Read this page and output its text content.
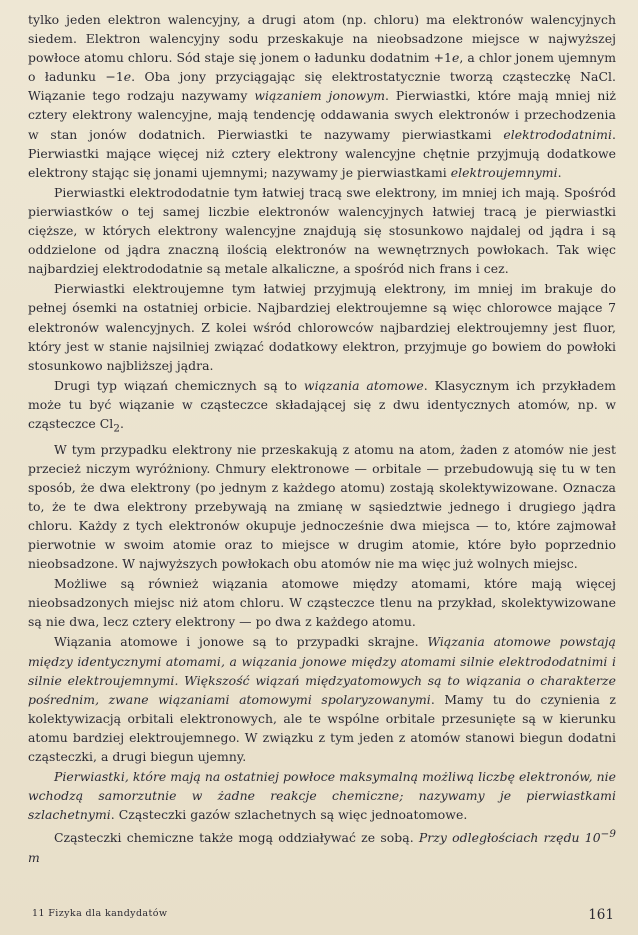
tylko jeden elektron walencyjny, a drugi atom (np. chloru) ma elektronów walencyjnych siedem. Elektron walencyjny sodu przeskakuje na nieobsadzone miejsce w najwyższej powłoce atomu chloru. Sód staje się jonem o ładunku dodatnim +1e, a chlor jonem ujemnym o ładunku −1e. Oba jony przyciągając się elektrostatycznie tworzą cząsteczkę NaCl. Wiązanie tego rodzaju nazywamy wiązaniem jonowym. Pierwiastki, które mają mniej niż cztery elektrony walencyjne, mają tendencję oddawania swych elektronów i przechodzenia w stan jonów dodatnich. Pierwiastki te nazywamy pierwiastkami elektrododatnimi. Pierwiastki mające więcej niż cztery elektrony walencyjne chętnie przyjmują dodatkowe elektrony stając się jonami ujemnymi; nazywamy je pierwiastkami elektroujemnymi.

Pierwiastki elektrododatnie tym łatwiej tracą swe elektrony, im mniej ich mają. Spośród pierwiastków o tej samej liczbie elektronów walencyjnych łatwiej tracą je pierwiastki cięższe, w których elektrony walencyjne znajdują się stosunkowo najdalej od jądra i są oddzielone od jądra znaczną ilością elektronów na wewnętrznych powłokach. Tak więc najbardziej elektrododatnie są metale alkaliczne, a spośród nich frans i cez.

Pierwiastki elektroujemne tym łatwiej przyjmują elektrony, im mniej im brakuje do pełnej ósemki na ostatniej orbicie. Najbardziej elektroujemne są więc chlorowce mające 7 elektronów walencyjnych. Z kolei wśród chlorowców najbardziej elektroujemny jest fluor, który jest w stanie najsilniej związać dodatkowy elektron, przyjmuje go bowiem do powłoki stosunkowo najbliższej jądra.

Drugi typ wiązań chemicznych są to wiązania atomowe. Klasycznym ich przykładem może tu być wiązanie w cząsteczce składającej się z dwu identycznych atomów, np. w cząsteczce $Cl_2$.

W tym przypadku elektrony nie przeskakują z atomu na atom, żaden z atomów nie jest przecież niczym wyróżniony. Chmury elektronowe — orbitale — przebudowują się tu w ten sposób, że dwa elektrony (po jednym z każdego atomu) zostają skolektywizowane. Oznacza to, że te dwa elektrony przebywają na zmianę w sąsiedztwie jednego i drugiego jądra chloru. Każdy z tych elektronów okupuje jednocześnie dwa miejsca — to, które zajmował pierwotnie w swoim atomie oraz to miejsce w drugim atomie, które było poprzednio nieobsadzone. W najwyższych powłokach obu atomów nie ma więc już wolnych miejsc.

Możliwe są również wiązania atomowe między atomami, które mają więcej nieobsadzonych miejsc niż atom chloru. W cząsteczce tlenu na przykład, skolektywizowane są nie dwa, lecz cztery elektrony — po dwa z każdego atomu.

Wiązania atomowe i jonowe są to przypadki skrajne. Wiązania atomowe powstają między identycznymi atomami, a wiązania jonowe między atomami silnie elektrododatnimi i silnie elektroujemnymi. Większość wiązań międzyatomowych są to wiązania o charakterze pośrednim, zwane wiązaniami atomowymi spolaryzowanymi. Mamy tu do czynienia z kolektywizacją orbitali elektronowych, ale te wspólne orbitale przesunięte są w kierunku atomu bardziej elektroujemnego. W związku z tym jeden z atomów stanowi biegun dodatni cząsteczki, a drugi biegun ujemny.

Pierwiastki, które mają na ostatniej powłoce maksymalną możliwą liczbę elektronów, nie wchodzą samorzutnie w żadne reakcje chemiczne; nazywamy je pierwiastkami szlachetnymi. Cząsteczki gazów szlachetnych są więc jednoatomowe.

Cząsteczki chemiczne także mogą oddziaływać ze sobą. Przy odległościach rzędu $10^{-9}$ m

11 Fizyka dla kandydatów	161
